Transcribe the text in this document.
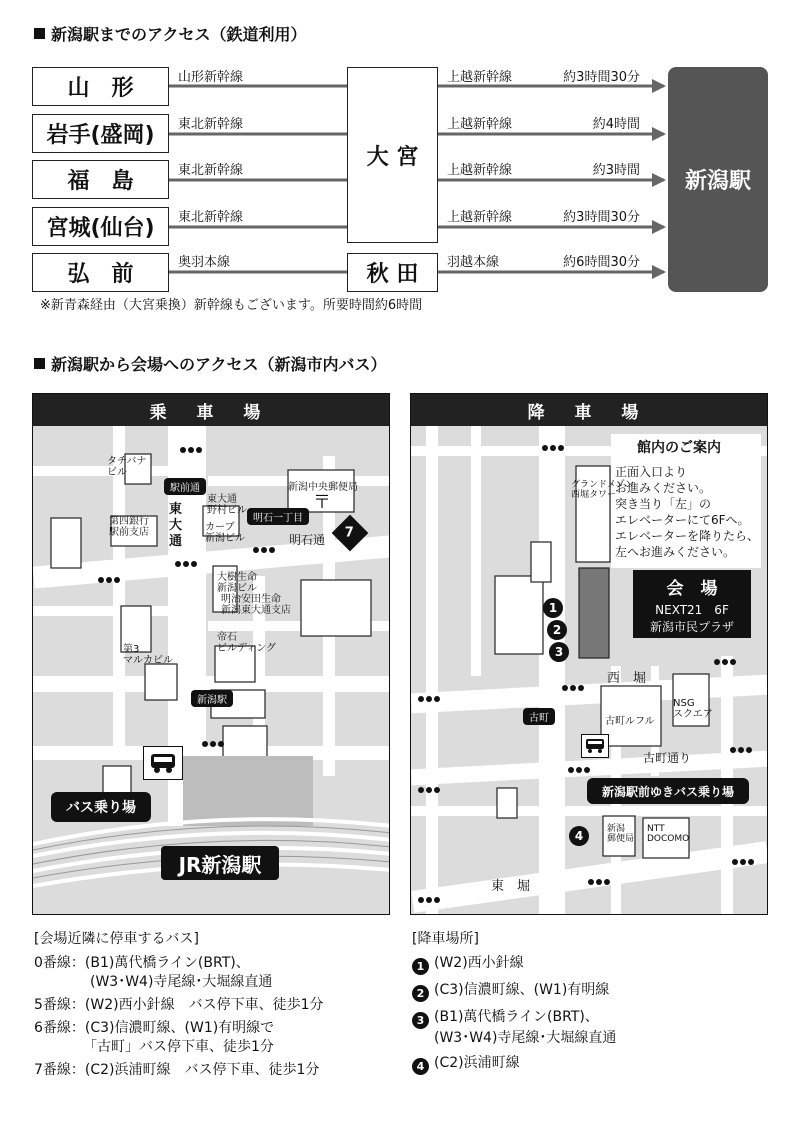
新潟駅までのアクセス（鉄道利用）
山　形
岩手(盛岡)
福　島
宮城(仙台)
弘　前
山形新幹線
東北新幹線
東北新幹線
東北新幹線
奥羽本線
大 宮
秋 田
上越新幹線
上越新幹線
上越新幹線
上越新幹線
羽越本線
約3時間30分
約4時間
約3時間
約3時間30分
約6時間30分
新潟駅
※新青森経由（大宮乗換）新幹線もございます。所要時間約6時間
新潟駅から会場へのアクセス（新潟市内バス）
乗 車 場
タチバナ
ビル
駅前通
東
大
通
第四銀行
駅前支店
東大通
野村ビル
カーブ
新潟ビル
新潟中央郵便局
〒
明石一丁目
明石通 7
大樹生命
新潟ビル
明治安田生命
新潟東大通支店
帝石
ビルディング
第3
マルカビル
新潟駅
バス乗り場
JR新潟駅
降 車 場
館内のご案内
正面入口より
お進みください。
突き当り「左」の
エレベーターにて6Fへ。
エレベーターを降りたら、
左へお進みください。
グランドメゾン
西堀タワー
会　場
NEXT21　6F
新潟市民プラザ
1
2
3
西　堀
古町	古町ルフル
NSG
スクエア
古町通り
新潟駅前ゆきバス乗り場
4	新潟
郵便局
NTT
DOCOMO
東　堀
[会場近隣に停車するバス]
0番線：(B1)萬代橋ライン(BRT)、
　　　　(W3･W4)寺尾線･大堀線直通
5番線：(W2)西小針線　バス停下車、徒歩1分
6番線：(C3)信濃町線、(W1)有明線で
　　　　「古町」バス停下車、徒歩1分
7番線：(C2)浜浦町線　バス停下車、徒歩1分
[降車場所]
1 (W2)西小針線
2 (C3)信濃町線、(W1)有明線
3 (B1)萬代橋ライン(BRT)、
(W3･W4)寺尾線･大堀線直通
4 (C2)浜浦町線
